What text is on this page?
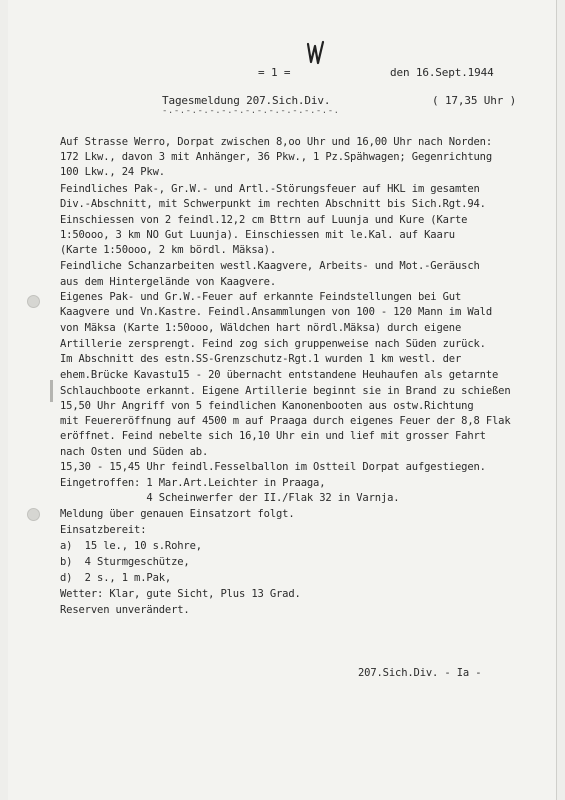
= 1 =	den 16.Sept.1944
Tagesmeldung 207.Sich.Div.	( 17,35 Uhr )
-.-.-.-.-.-.-.-.-.-.-.-.-.-.-.
Auf Strasse Werro, Dorpat zwischen 8,oo Uhr und 16,00 Uhr nach Norden:
172 Lkw., davon 3 mit Anhänger, 36 Pkw., 1 Pz.Spähwagen; Gegenrichtung
100 Lkw., 24 Pkw.
Feindliches Pak-, Gr.W.- und Artl.-Störungsfeuer auf HKL im gesamten
Div.-Abschnitt, mit Schwerpunkt im rechten Abschnitt bis Sich.Rgt.94.
Einschiessen von 2 feindl.12,2 cm Bttrn auf Luunja und Kure (Karte
1:50ooo, 3 km NO Gut Luunja). Einschiessen mit le.Kal. auf Kaaru
(Karte 1:50ooo, 2 km bördl. Mäksa).
Feindliche Schanzarbeiten westl.Kaagvere, Arbeits- und Mot.-Geräusch
aus dem Hintergelände von Kaagvere.
Eigenes Pak- und Gr.W.-Feuer auf erkannte Feindstellungen bei Gut
Kaagvere und Vn.Kastre. Feindl.Ansammlungen von 100 - 120 Mann im Wald
von Mäksa (Karte 1:50ooo, Wäldchen hart nördl.Mäksa) durch eigene
Artillerie zersprengt. Feind zog sich gruppenweise nach Süden zurück.
Im Abschnitt des estn.SS-Grenzschutz-Rgt.1 wurden 1 km westl. der
ehem.Brücke Kavastu15 - 20 übernacht entstandene Heuhaufen als getarnte
Schlauchboote erkannt. Eigene Artillerie beginnt sie in Brand zu schießen
15,50 Uhr Angriff von 5 feindlichen Kanonenbooten aus ostw.Richtung
mit Feuereröffnung auf 4500 m auf Praaga durch eigenes Feuer der 8,8 Flak
eröffnet. Feind nebelte sich 16,10 Uhr ein und lief mit grosser Fahrt
nach Osten und Süden ab.
15,30 - 15,45 Uhr feindl.Fesselballon im Ostteil Dorpat aufgestiegen.
Eingetroffen: 1 Mar.Art.Leichter in Praaga,
4 Scheinwerfer der II./Flak 32 in Varnja.
Meldung über genauen Einsatzort folgt.
Einsatzbereit:
a)  15 le., 10 s.Rohre,
b)  4 Sturmgeschütze,
d)  2 s., 1 m.Pak,
Wetter: Klar, gute Sicht, Plus 13 Grad.
Reserven unverändert.
207.Sich.Div. - Ia -
